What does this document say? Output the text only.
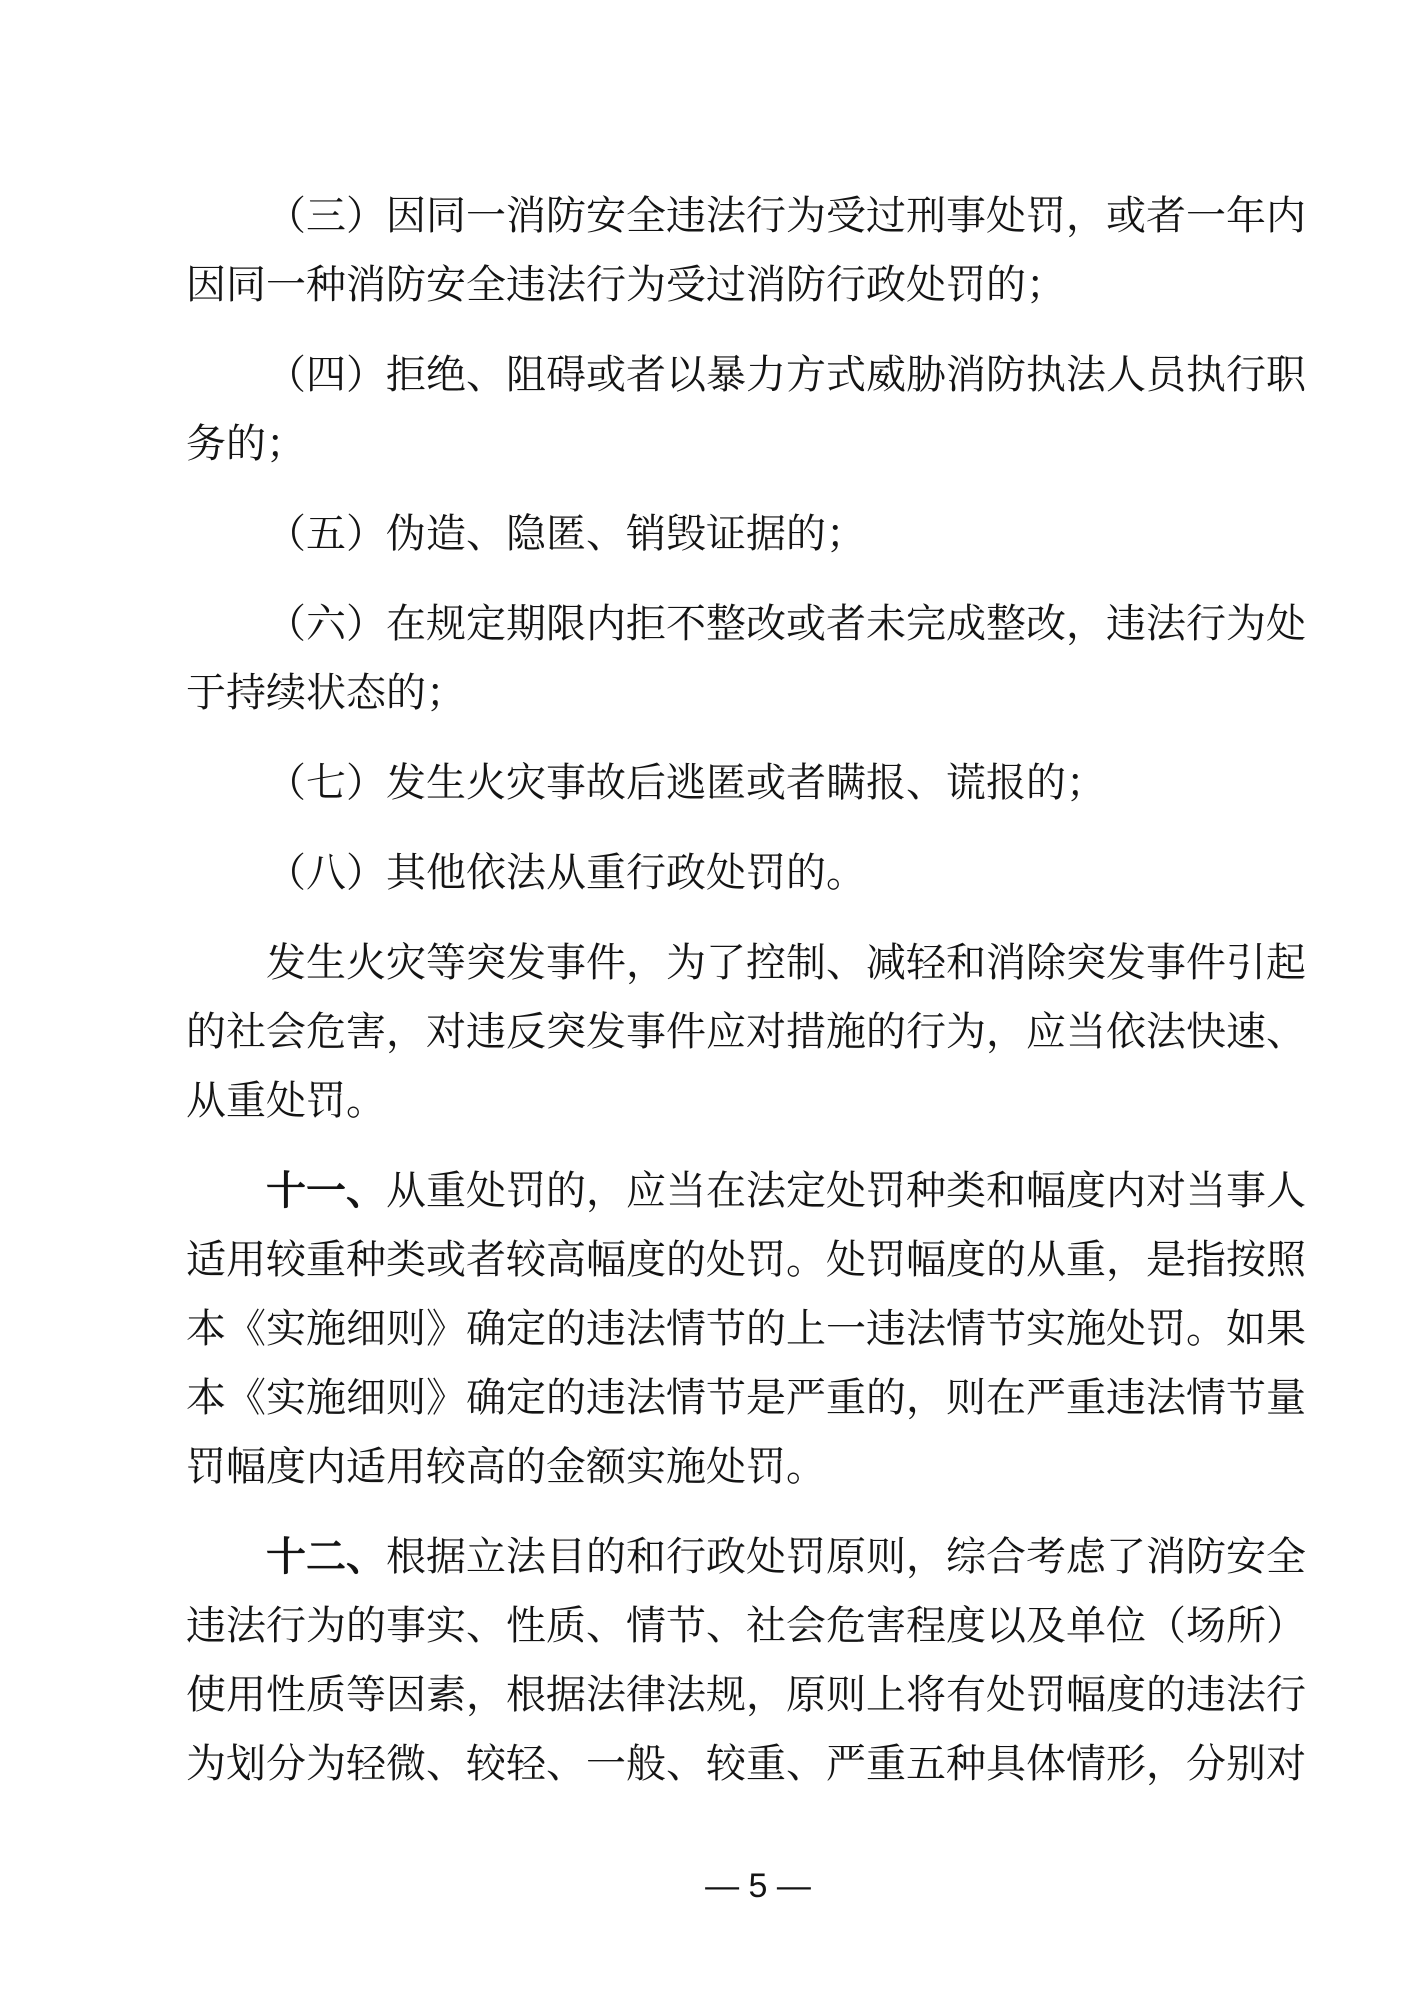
（三）因同一消防安全违法行为受过刑事处罚，或者一年内
因同一种消防安全违法行为受过消防行政处罚的；
（四）拒绝、阻碍或者以暴力方式威胁消防执法人员执行职
务的；
（五）伪造、隐匿、销毁证据的；
（六）在规定期限内拒不整改或者未完成整改，违法行为处
于持续状态的；
（七）发生火灾事故后逃匿或者瞒报、谎报的；
（八）其他依法从重行政处罚的。
发生火灾等突发事件，为了控制、减轻和消除突发事件引起
的社会危害，对违反突发事件应对措施的行为，应当依法快速、
从重处罚。
十一、从重处罚的，应当在法定处罚种类和幅度内对当事人
适用较重种类或者较高幅度的处罚。处罚幅度的从重，是指按照
本《实施细则》确定的违法情节的上一违法情节实施处罚。如果
本《实施细则》确定的违法情节是严重的，则在严重违法情节量
罚幅度内适用较高的金额实施处罚。
十二、根据立法目的和行政处罚原则，综合考虑了消防安全
违法行为的事实、性质、情节、社会危害程度以及单位（场所）
使用性质等因素，根据法律法规，原则上将有处罚幅度的违法行
为划分为轻微、较轻、一般、较重、严重五种具体情形，分别对
— 5 —
